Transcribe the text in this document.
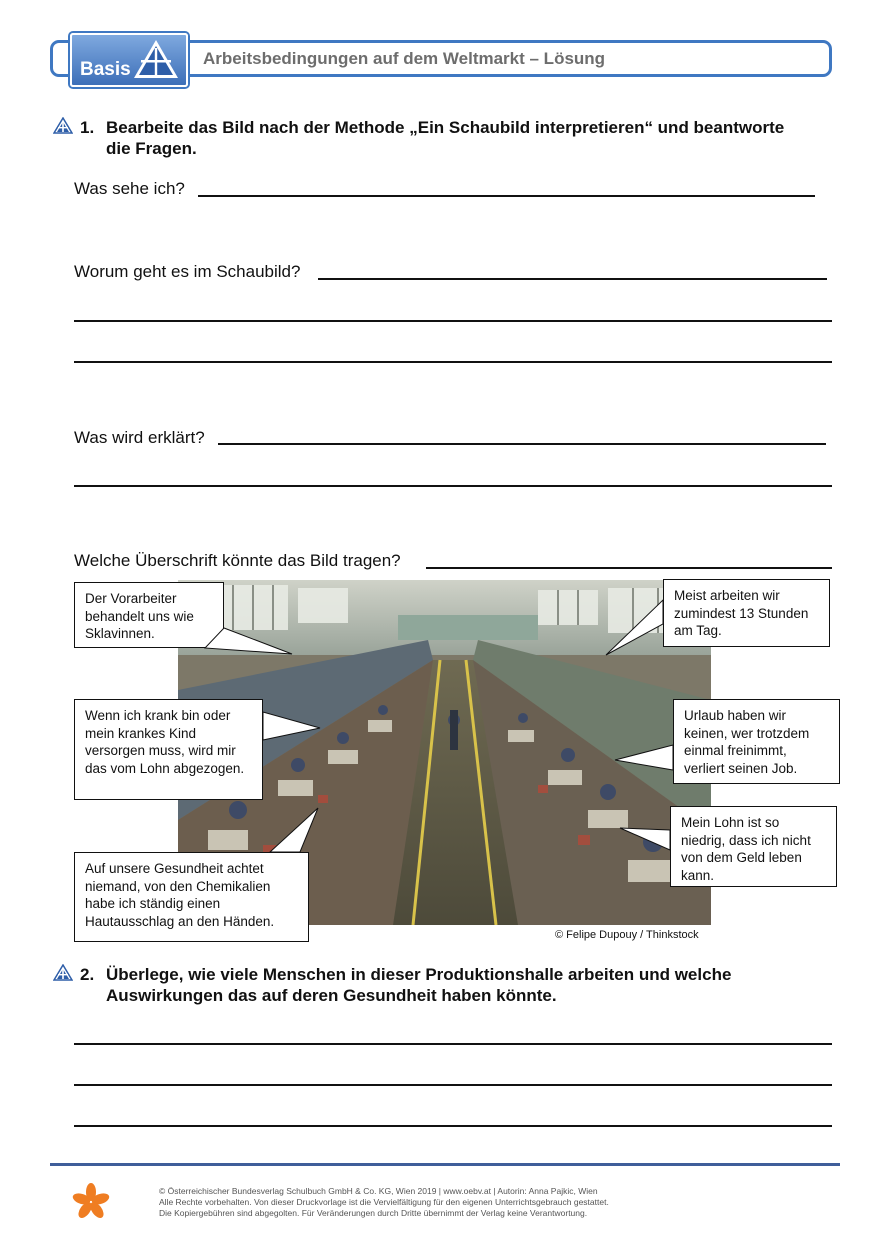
Basis
Arbeitsbedingungen auf dem Weltmarkt – Lösung
1. Bearbeite das Bild nach der Methode „Ein Schaubild interpretieren“ und beantworte
die Fragen.
Was sehe ich?
Worum geht es im Schaubild?
Was wird erklärt?
Welche Überschrift könnte das Bild tragen?
Der Vorarbeiter behandelt uns wie Sklavinnen.
Meist arbeiten wir zumindest 13 Stunden am Tag.
Wenn ich krank bin oder mein krankes Kind versorgen muss, wird mir das vom Lohn abgezogen.
Urlaub haben wir keinen, wer trotzdem einmal freinimmt, verliert seinen Job.
Mein Lohn ist so niedrig, dass ich nicht von dem Geld leben kann.
Auf unsere Gesundheit achtet niemand, von den Chemikalien habe ich ständig einen Hautausschlag an den Händen.
© Felipe Dupouy / Thinkstock
2. Überlege, wie viele Menschen in dieser Produktionshalle arbeiten und welche
Auswirkungen das auf deren Gesundheit haben könnte.
© Österreichischer Bundesverlag Schulbuch GmbH & Co. KG, Wien 2019 | www.oebv.at | Autorin: Anna Pajkic, Wien
Alle Rechte vorbehalten. Von dieser Druckvorlage ist die Vervielfältigung für den eigenen Unterrichtsgebrauch gestattet.
Die Kopiergebühren sind abgegolten. Für Veränderungen durch Dritte übernimmt der Verlag keine Verantwortung.
